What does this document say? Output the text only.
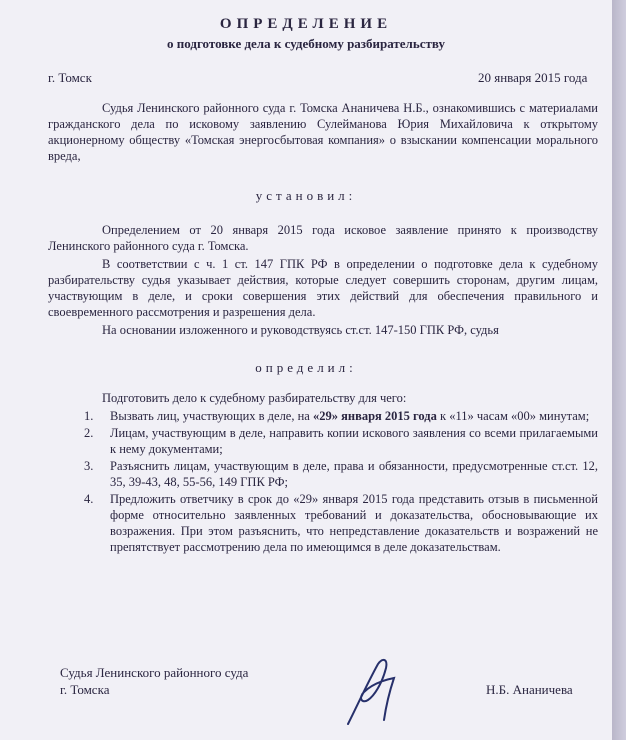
ОПРЕДЕЛЕНИЕ
о подготовке дела к судебному разбирательству
г. Томск	20 января 2015 года
Судья Ленинского районного суда г. Томска Ананичева Н.Б., ознакомившись с материалами гражданского дела по исковому заявлению Сулейманова Юрия Михайловича к открытому акционерному обществу «Томская энергосбытовая компания» о взыскании компенсации морального вреда,
установил:
Определением от 20 января 2015 года исковое заявление принято к производству Ленинского районного суда г. Томска.
В соответствии с ч. 1 ст. 147 ГПК РФ в определении о подготовке дела к судебному разбирательству судья указывает действия, которые следует совершить сторонам, другим лицам, участвующим в деле, и сроки совершения этих действий для обеспечения правильного и своевременного рассмотрения и разрешения дела.
На основании изложенного и руководствуясь ст.ст. 147-150 ГПК РФ, судья
определил:
Подготовить дело к судебному разбирательству для чего:
1. Вызвать лиц, участвующих в деле, на «29» января 2015 года к «11» часам «00» минутам;
2. Лицам, участвующим в деле, направить копии искового заявления со всеми прилагаемыми к нему документами;
3. Разъяснить лицам, участвующим в деле, права и обязанности, предусмотренные ст.ст. 12, 35, 39-43, 48, 55-56, 149 ГПК РФ;
4. Предложить ответчику в срок до «29» января 2015 года представить отзыв в письменной форме относительно заявленных требований и доказательства, обосновывающие их возражения. При этом разъяснить, что непредставление доказательств и возражений не препятствует рассмотрению дела по имеющимся в деле доказательствам.
Судья Ленинского районного суда
г. Томска	Н.Б. Ананичева
